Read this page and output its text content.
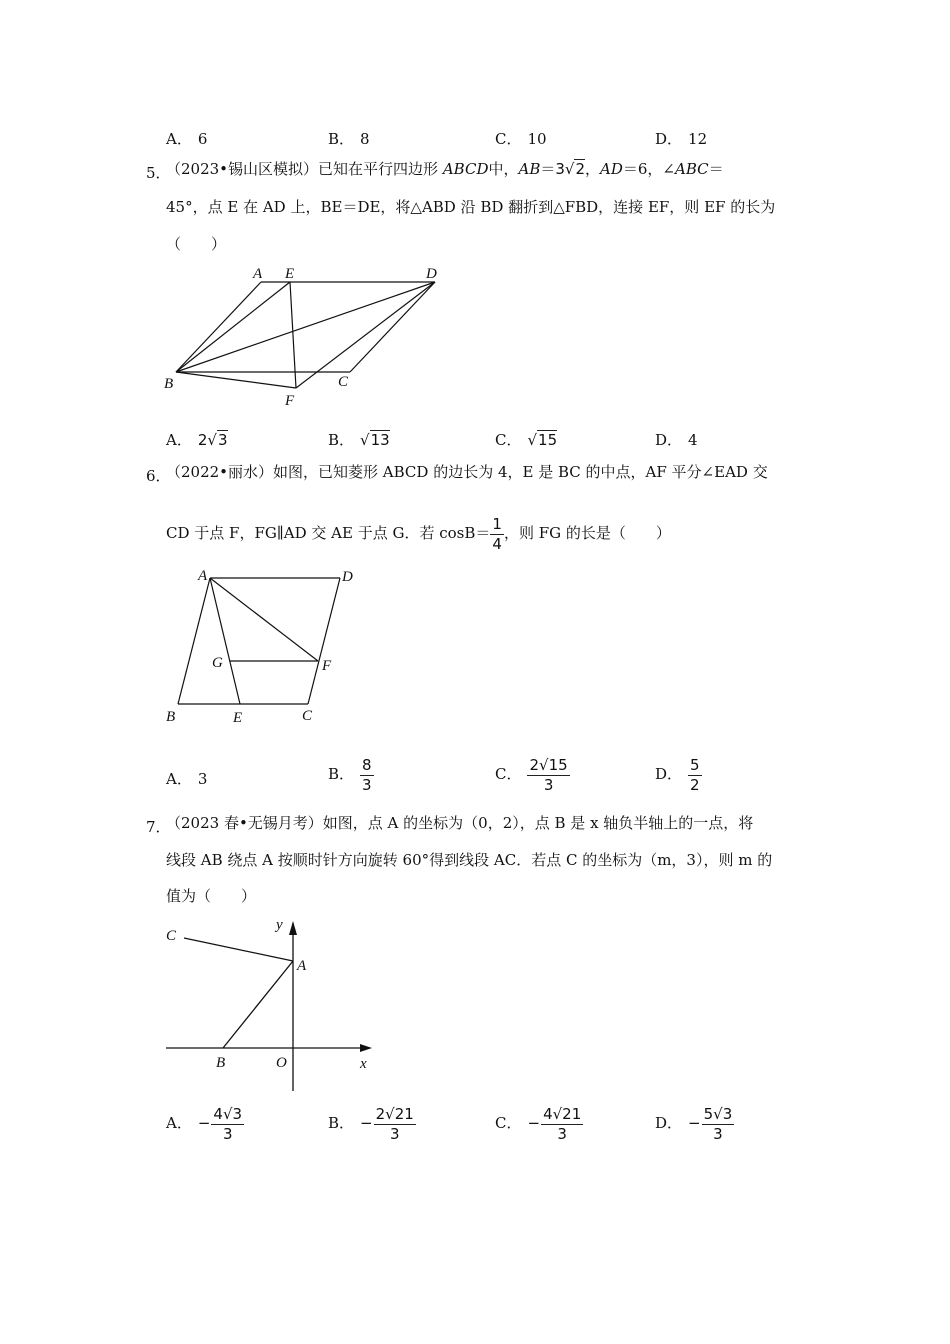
A． 6	B． 8	C． 10	D． 12
5．
（2023•锡山区模拟）已知在平行四边形 ABCD中，AB＝3√2，AD＝6，∠ABC＝
45°，点 E 在 AD 上，BE＝DE，将△ABD 沿 BD 翻折到△FBD，连接 EF，则 EF 的长为
（　　）
A E	D
B	C
F
A． 2√3	B． √13	C． √15	D． 4
6．
（2022•丽水）如图，已知菱形 ABCD 的边长为 4，E 是 BC 的中点，AF 平分∠EAD 交
CD 于点 F，FG∥AD 交 AE 于点 G．若 $\cos B= \frac{1}{4}$ ，则 FG 的长是（　　）
A	D
G	F
B	E	C
A． 3	B． $\frac{8}{3}$	C． $\frac{2√15}{3}$	D． $\frac{5}{2}$
7．
（2023 春•无锡月考）如图，点 A 的坐标为（0，2），点 B 是 x 轴负半轴上的一点，将
线段 AB 绕点 A 按顺时针方向旋转 60°得到线段 AC．若点 C 的坐标为（m，3），则 m 的
值为（　　）
C
y
A
B	O	x
A． − $\frac{4√3}{3}$	B． − $\frac{2√21}{3}$	C． − $\frac{4√21}{3}$	D． − $\frac{5√3}{3}$
